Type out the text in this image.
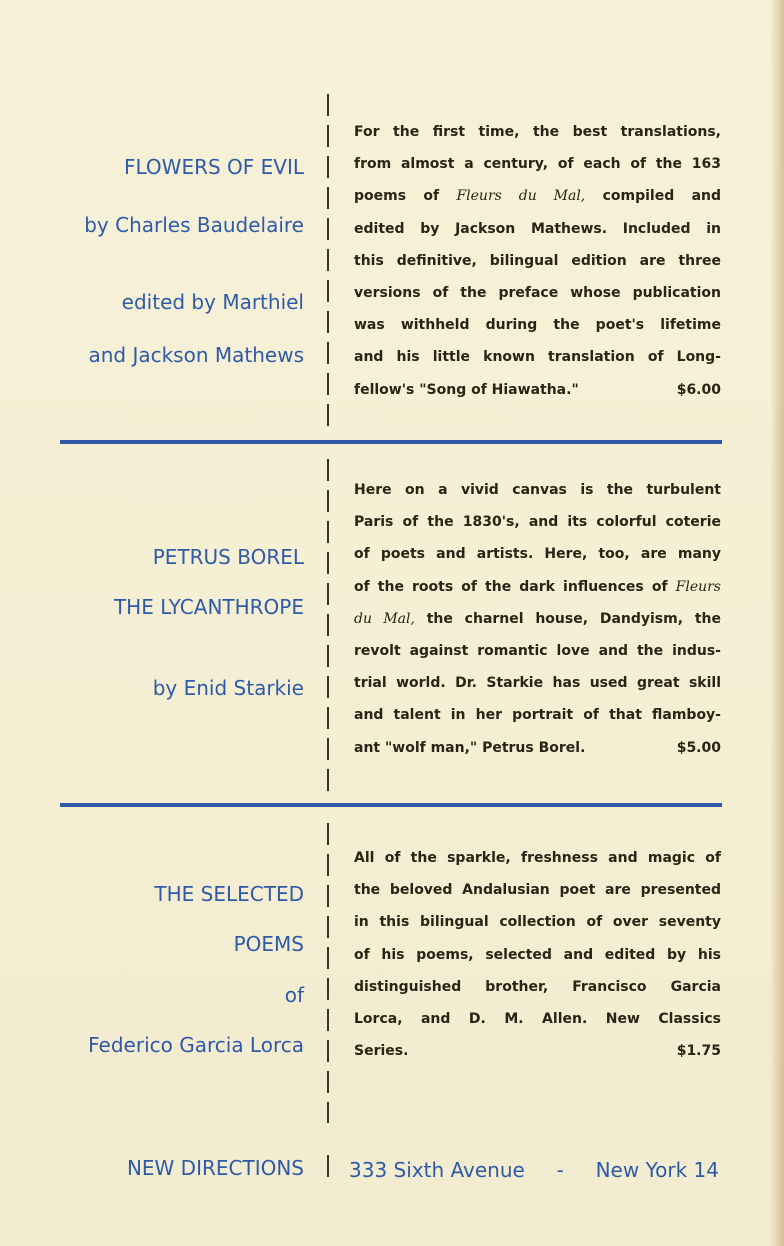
FLOWERS OF EVIL
by Charles Baudelaire
edited by Marthiel
and Jackson Mathews
For the first time, the best translations,
from almost a century, of each of the 163
poems of Fleurs du Mal, compiled and
edited by Jackson Mathews. Included in
this definitive, bilingual edition are three
versions of the preface whose publication
was withheld during the poet's lifetime
and his little known translation of Long-
fellow's "Song of Hiawatha."	$6.00
PETRUS BOREL
THE LYCANTHROPE
by Enid Starkie
Here on a vivid canvas is the turbulent
Paris of the 1830's, and its colorful coterie
of poets and artists. Here, too, are many
of the roots of the dark influences of Fleurs
du Mal, the charnel house, Dandyism, the
revolt against romantic love and the indus-
trial world. Dr. Starkie has used great skill
and talent in her portrait of that flamboy-
ant "wolf man," Petrus Borel.	$5.00
THE SELECTED
POEMS
of
Federico Garcia Lorca
All of the sparkle, freshness and magic of
the beloved Andalusian poet are presented
in this bilingual collection of over seventy
of his poems, selected and edited by his
distinguished brother, Francisco Garcia
Lorca, and D. M. Allen. New Classics
Series.	$1.75
NEW DIRECTIONS 333 Sixth Avenue - New York 14
